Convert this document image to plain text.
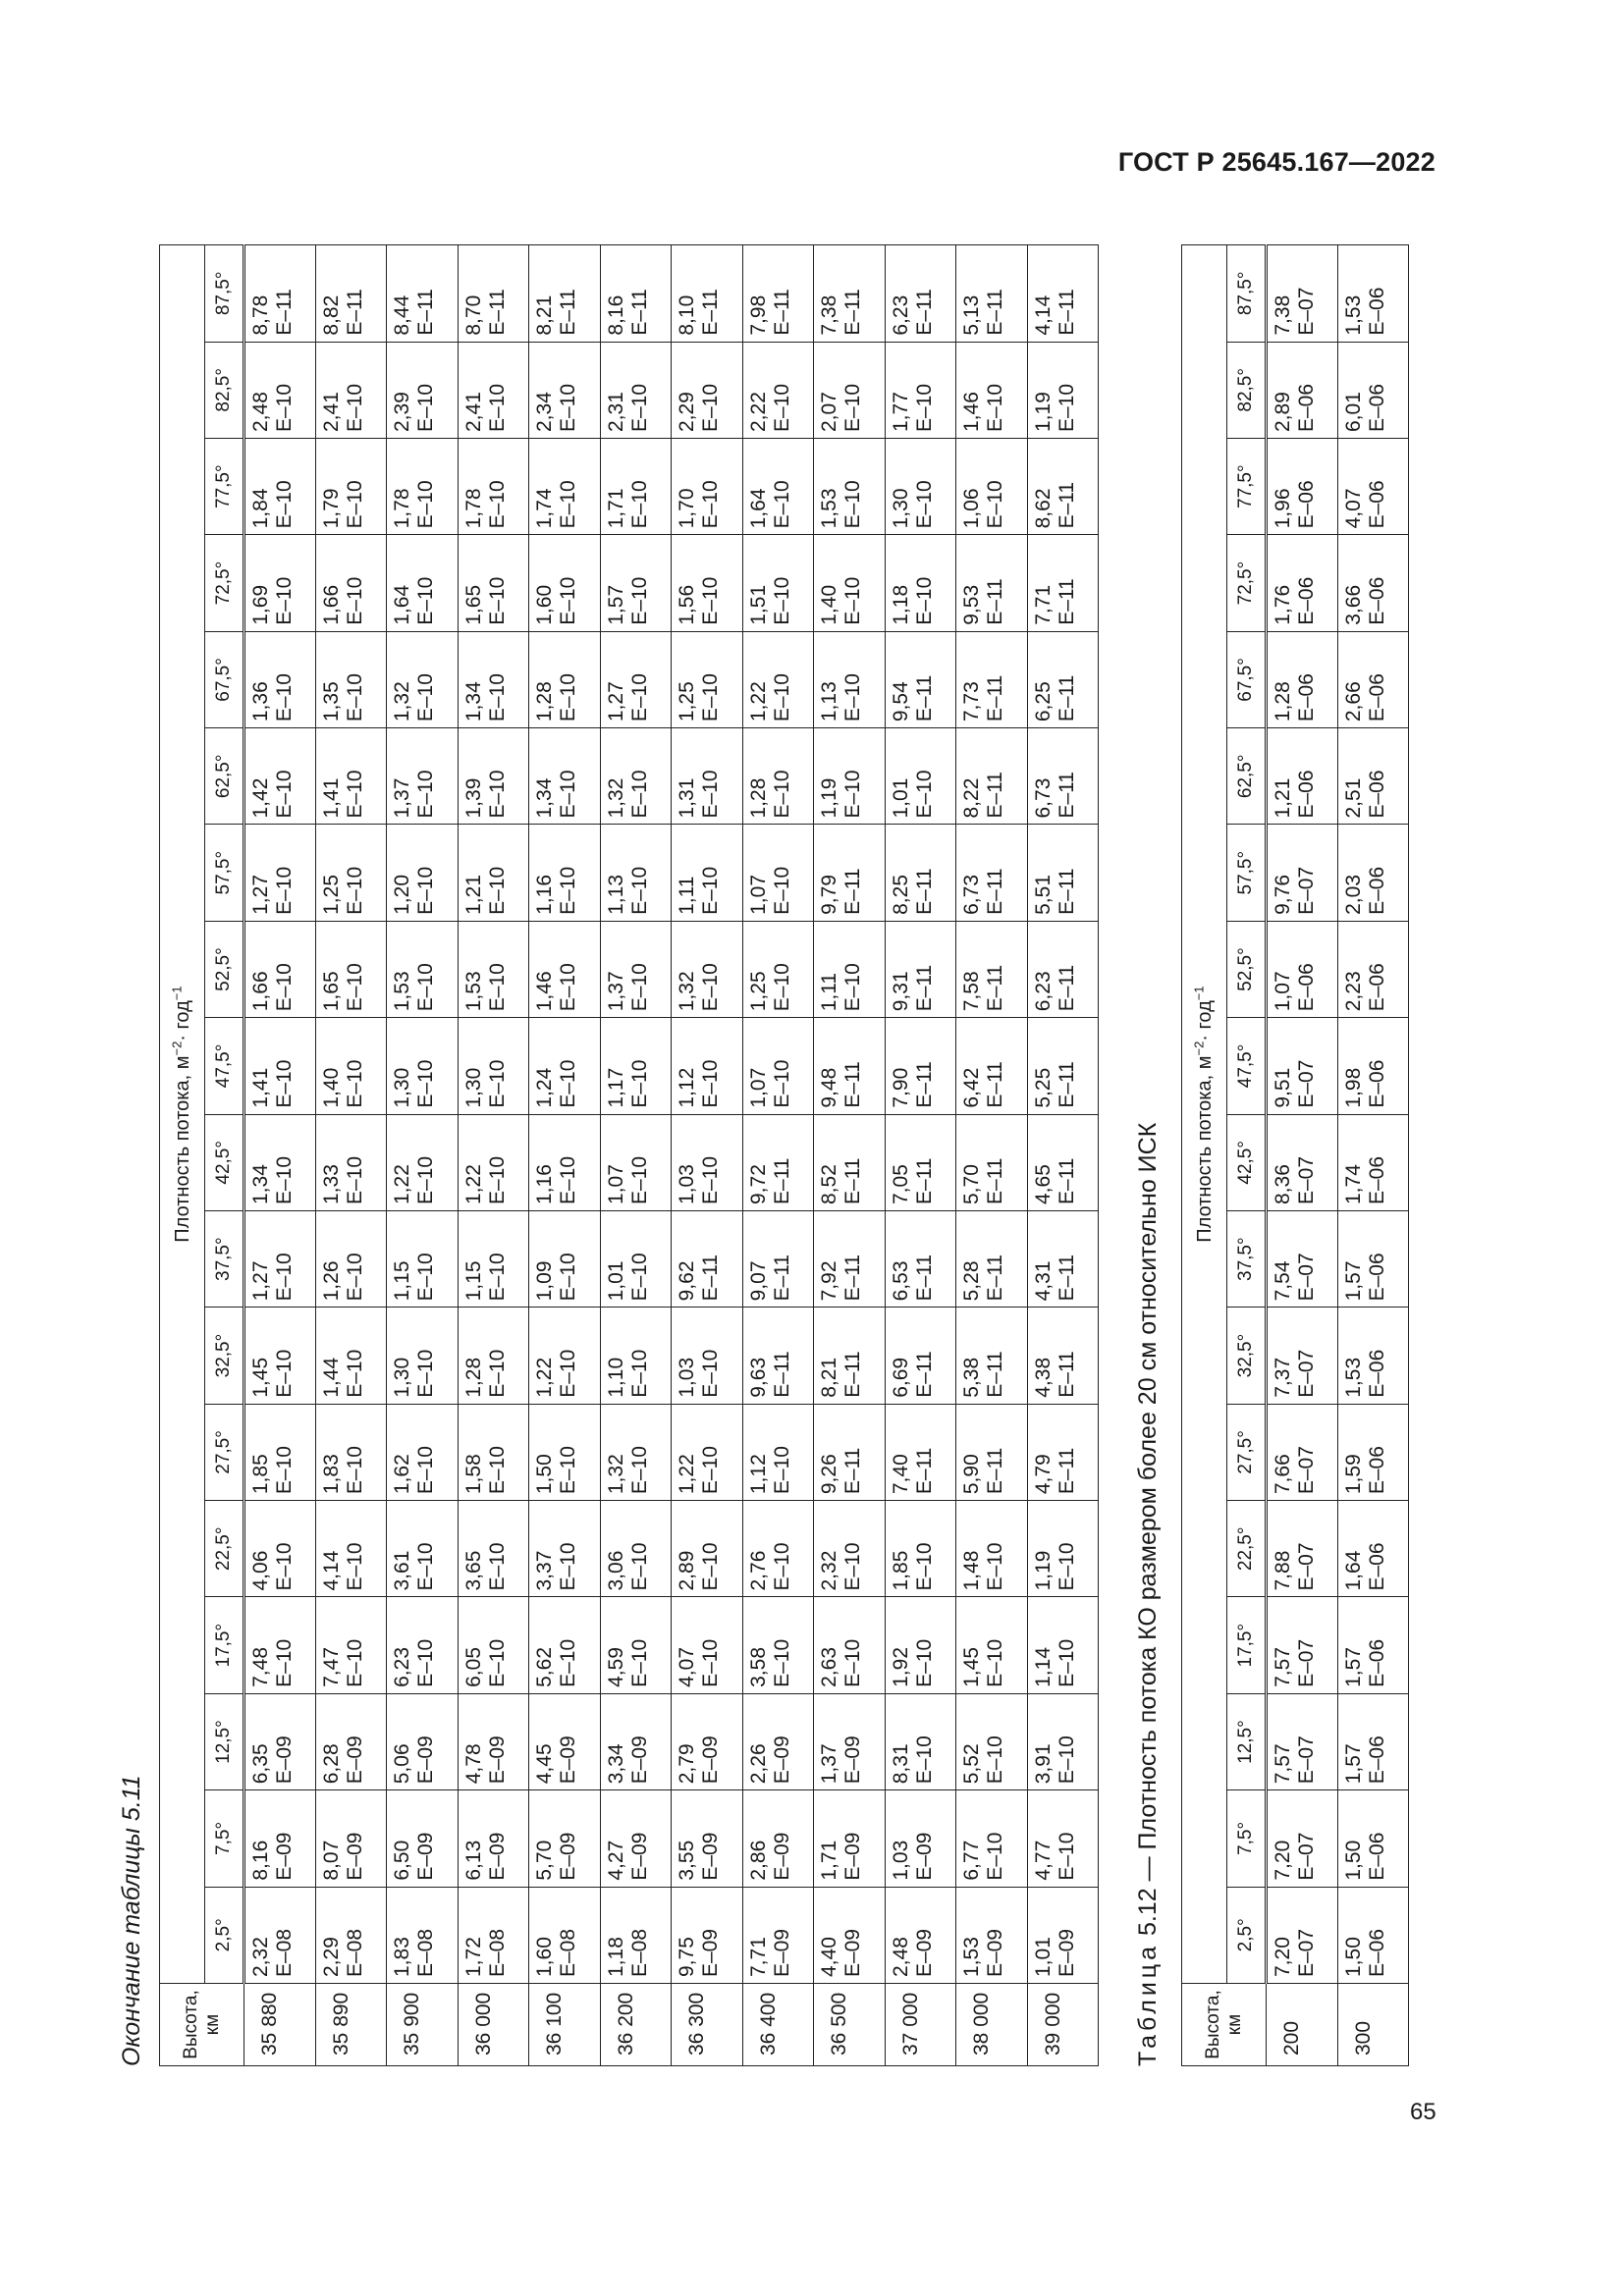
ГОСТ Р 25645.167—2022
Окончание таблицы 5.11	Высота, км	Плотность потока, $м^{-2}\cdot год^{-1}$
	2,5°	7,5°	12,5°	17,5°	22,5°	27,5°	32,5°	37,5°	42,5°	47,5°	52,5°	57,5°	62,5°	67,5°	72,5°	77,5°	82,5°	87,5°
35 880	2,32 E–08	8,16 E–09	6,35 E–09	7,48 E–10	4,06 E–10	1,85 E–10	1,45 E–10	1,27 E–10	1,34 E–10	1,41 E–10	1,66 E–10	1,27 E–10	1,42 E–10	1,36 E–10	1,69 E–10	1,84 E–10	2,48 E–10	8,78 E–11

35 890	2,29 E–08	8,07 E–09	6,28 E–09	7,47 E–10	4,14 E–10	1,83 E–10	1,44 E–10	1,26 E–10	1,33 E–10	1,40 E–10	1,65 E–10	1,25 E–10	1,41 E–10	1,35 E–10	1,66 E–10	1,79 E–10	2,41 E–10	8,82 E–11

35 900	1,83 E–08	6,50 E–09	5,06 E–09	6,23 E–10	3,61 E–10	1,62 E–10	1,30 E–10	1,15 E–10	1,22 E–10	1,30 E–10	1,53 E–10	1,20 E–10	1,37 E–10	1,32 E–10	1,64 E–10	1,78 E–10	2,39 E–10	8,44 E–11

36 000	1,72 E–08	6,13 E–09	4,78 E–09	6,05 E–10	3,65 E–10	1,58 E–10	1,28 E–10	1,15 E–10	1,22 E–10	1,30 E–10	1,53 E–10	1,21 E–10	1,39 E–10	1,34 E–10	1,65 E–10	1,78 E–10	2,41 E–10	8,70 E–11

36 100	1,60 E–08	5,70 E–09	4,45 E–09	5,62 E–10	3,37 E–10	1,50 E–10	1,22 E–10	1,09 E–10	1,16 E–10	1,24 E–10	1,46 E–10	1,16 E–10	1,34 E–10	1,28 E–10	1,60 E–10	1,74 E–10	2,34 E–10	8,21 E–11

36 200	1,18 E–08	4,27 E–09	3,34 E–09	4,59 E–10	3,06 E–10	1,32 E–10	1,10 E–10	1,01 E–10	1,07 E–10	1,17 E–10	1,37 E–10	1,13 E–10	1,32 E–10	1,27 E–10	1,57 E–10	1,71 E–10	2,31 E–10	8,16 E–11

36 300	9,75 E–09	3,55 E–09	2,79 E–09	4,07 E–10	2,89 E–10	1,22 E–10	1,03 E–10	9,62 E–11	1,03 E–10	1,12 E–10	1,32 E–10	1,11 E–10	1,31 E–10	1,25 E–10	1,56 E–10	1,70 E–10	2,29 E–10	8,10 E–11

36 400	7,71 E–09	2,86 E–09	2,26 E–09	3,58 E–10	2,76 E–10	1,12 E–10	9,63 E–11	9,07 E–11	9,72 E–11	1,07 E–10	1,25 E–10	1,07 E–10	1,28 E–10	1,22 E–10	1,51 E–10	1,64 E–10	2,22 E–10	7,98 E–11

36 500	4,40 E–09	1,71 E–09	1,37 E–09	2,63 E–10	2,32 E–10	9,26 E–11	8,21 E–11	7,92 E–11	8,52 E–11	9,48 E–11	1,11 E–10	9,79 E–11	1,19 E–10	1,13 E–10	1,40 E–10	1,53 E–10	2,07 E–10	7,38 E–11

37 000	2,48 E–09	1,03 E–09	8,31 E–10	1,92 E–10	1,85 E–10	7,40 E–11	6,69 E–11	6,53 E–11	7,05 E–11	7,90 E–11	9,31 E–11	8,25 E–11	1,01 E–10	9,54 E–11	1,18 E–10	1,30 E–10	1,77 E–10	6,23 E–11

38 000	1,53 E–09	6,77 E–10	5,52 E–10	1,45 E–10	1,48 E–10	5,90 E–11	5,38 E–11	5,28 E–11	5,70 E–11	6,42 E–11	7,58 E–11	6,73 E–11	8,22 E–11	7,73 E–11	9,53 E–11	1,06 E–10	1,46 E–10	5,13 E–11

39 000	1,01 E–09	4,77 E–10	3,91 E–10	1,14 E–10	1,19 E–10	4,79 E–11	4,38 E–11	4,31 E–11	4,65 E–11	5,25 E–11	6,23 E–11	5,51 E–11	6,73 E–11	6,25 E–11	7,71 E–11	8,62 E–11	1,19 E–10	4,14 E–11
Таблица 5.12 — Плотность потока КО размером более 20 см относительно ИСК
Высота, км	Плотность потока, $м^{-2}\cdot год^{-1}$
	2,5°	7,5°	12,5°	17,5°	22,5°	27,5°	32,5°	37,5°	42,5°	47,5°	52,5°	57,5°	62,5°	67,5°	72,5°	77,5°	82,5°	87,5°
200	7,20 E–07	7,20 E–07	7,57 E–07	7,57 E–07	7,88 E–07	7,66 E–07	7,37 E–07	7,54 E–07	8,36 E–07	9,51 E–07	1,07 E–06	9,76 E–07	1,21 E–06	1,28 E–06	1,76 E–06	1,96 E–06	2,89 E–06	7,38 E–07

300	1,50 E–06	1,50 E–06	1,57 E–06	1,57 E–06	1,64 E–06	1,59 E–06	1,53 E–06	1,57 E–06	1,74 E–06	1,98 E–06	2,23 E–06	2,03 E–06	2,51 E–06	2,66 E–06	3,66 E–06	4,07 E–06	6,01 E–06	1,53 E–06
65
